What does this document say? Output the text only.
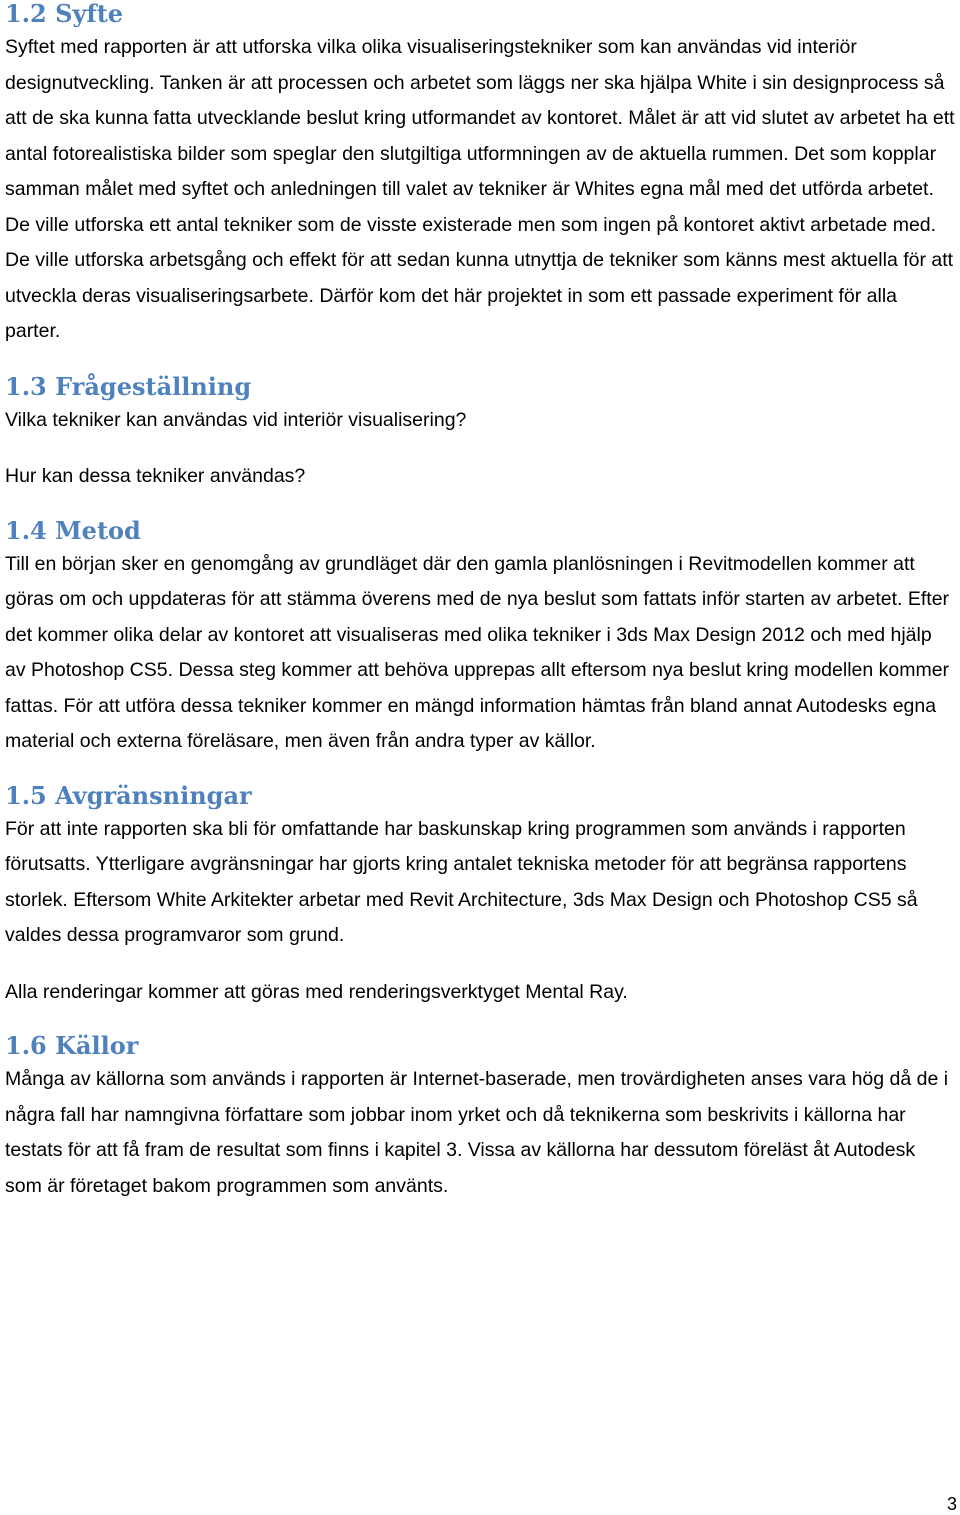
1.2 Syfte

Syftet med rapporten är att utforska vilka olika visualiseringstekniker som kan användas vid interiör designutveckling. Tanken är att processen och arbetet som läggs ner ska hjälpa White i sin designprocess så att de ska kunna fatta utvecklande beslut kring utformandet av kontoret. Målet är att vid slutet av arbetet ha ett antal fotorealistiska bilder som speglar den slutgiltiga utformningen av de aktuella rummen. Det som kopplar samman målet med syftet och anledningen till valet av tekniker är Whites egna mål med det utförda arbetet. De ville utforska ett antal tekniker som de visste existerade men som ingen på kontoret aktivt arbetade med. De ville utforska arbetsgång och effekt för att sedan kunna utnyttja de tekniker som känns mest aktuella för att utveckla deras visualiseringsarbete. Därför kom det här projektet in som ett passade experiment för alla parter.

1.3 Frågeställning

Vilka tekniker kan användas vid interiör visualisering?

Hur kan dessa tekniker användas?

1.4 Metod

Till en början sker en genomgång av grundläget där den gamla planlösningen i Revitmodellen kommer att göras om och uppdateras för att stämma överens med de nya beslut som fattats inför starten av arbetet. Efter det kommer olika delar av kontoret att visualiseras med olika tekniker i 3ds Max Design 2012 och med hjälp av Photoshop CS5. Dessa steg kommer att behöva upprepas allt eftersom nya beslut kring modellen kommer fattas. För att utföra dessa tekniker kommer en mängd information hämtas från bland annat Autodesks egna material och externa föreläsare, men även från andra typer av källor.

1.5 Avgränsningar

För att inte rapporten ska bli för omfattande har baskunskap kring programmen som används i rapporten förutsatts. Ytterligare avgränsningar har gjorts kring antalet tekniska metoder för att begränsa rapportens storlek. Eftersom White Arkitekter arbetar med Revit Architecture, 3ds Max Design och Photoshop CS5 så valdes dessa programvaror som grund.

Alla renderingar kommer att göras med renderingsverktyget Mental Ray.

1.6 Källor

Många av källorna som används i rapporten är Internet-baserade, men trovärdigheten anses vara hög då de i några fall har namngivna författare som jobbar inom yrket och då teknikerna som beskrivits i källorna har testats för att få fram de resultat som finns i kapitel 3. Vissa av källorna har dessutom föreläst åt Autodesk som är företaget bakom programmen som använts.

3
